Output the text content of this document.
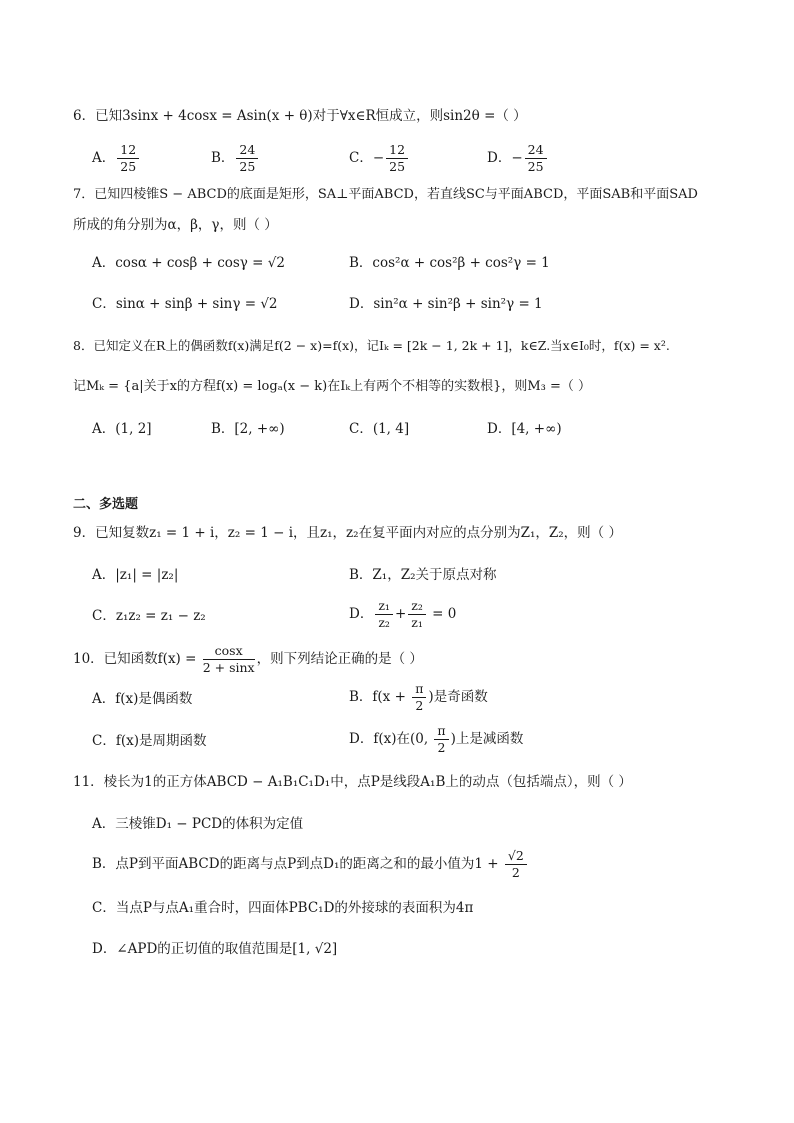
6．已知3sinx + 4cosx = Asin(x + θ)对于∀x∈R恒成立，则sin2θ =（ ）
A． $\frac{12}{25}$	B． $\frac{24}{25}$	C．− $\frac{12}{25}$	D．− $\frac{24}{25}$
7．已知四棱锥S − ABCD的底面是矩形，SA⊥平面ABCD，若直线SC与平面ABCD，平面SAB和平面SAD
所成的角分别为α，β，γ，则（ ）
A．cosα + cosβ + cosγ = √2	B．cos²α + cos²β + cos²γ = 1
C．sinα + sinβ + sinγ = √2	D．sin²α + sin²β + sin²γ = 1
8．已知定义在R上的偶函数f(x)满足f(2 − x)=f(x)，记Iₖ = [2k − 1, 2k + 1]，k∈Z.当x∈I₀时，f(x) = x².
记Mₖ = {a|关于x的方程f(x) = logₐ(x − k)在Iₖ上有两个不相等的实数根}，则M₃ =（ ）
A．(1, 2]	B．[2, +∞)	C．(1, 4]	D．[4, +∞)
二、多选题
9．已知复数z₁ = 1 + i，z₂ = 1 − i，且z₁，z₂在复平面内对应的点分别为Z₁，Z₂，则（ ）
A．|z₁| = |z₂|	B．Z₁，Z₂关于原点对称
C．z₁z₂ = z₁ − z₂	D． $\frac{\text{z₁}}{\text{z₂}} + \frac{\text{z₂}}{\text{z₁}} = 0$
10．已知函数$f(x) = \frac{\cos x}{2 + \sin x}$ ，则下列结论正确的是（ ）
A．f(x)是偶函数	B．$f(x + \frac{\pi}{2}$ )是奇函数
C．f(x)是周期函数	D．f(x)在(0, $\frac{\pi}{2}$ )上是减函数
11．棱长为1的正方体ABCD − A₁B₁C₁D₁中，点P是线段A₁B上的动点（包括端点），则（ ）
A．三棱锥D₁ − PCD的体积为定值
B．点P到平面ABCD的距离与点P到点D₁的距离之和的最小值为$1 + \frac{√2}{2}$
C．当点P与点A₁重合时，四面体PBC₁D的外接球的表面积为4π
D．∠APD的正切值的取值范围是[1, √2]
